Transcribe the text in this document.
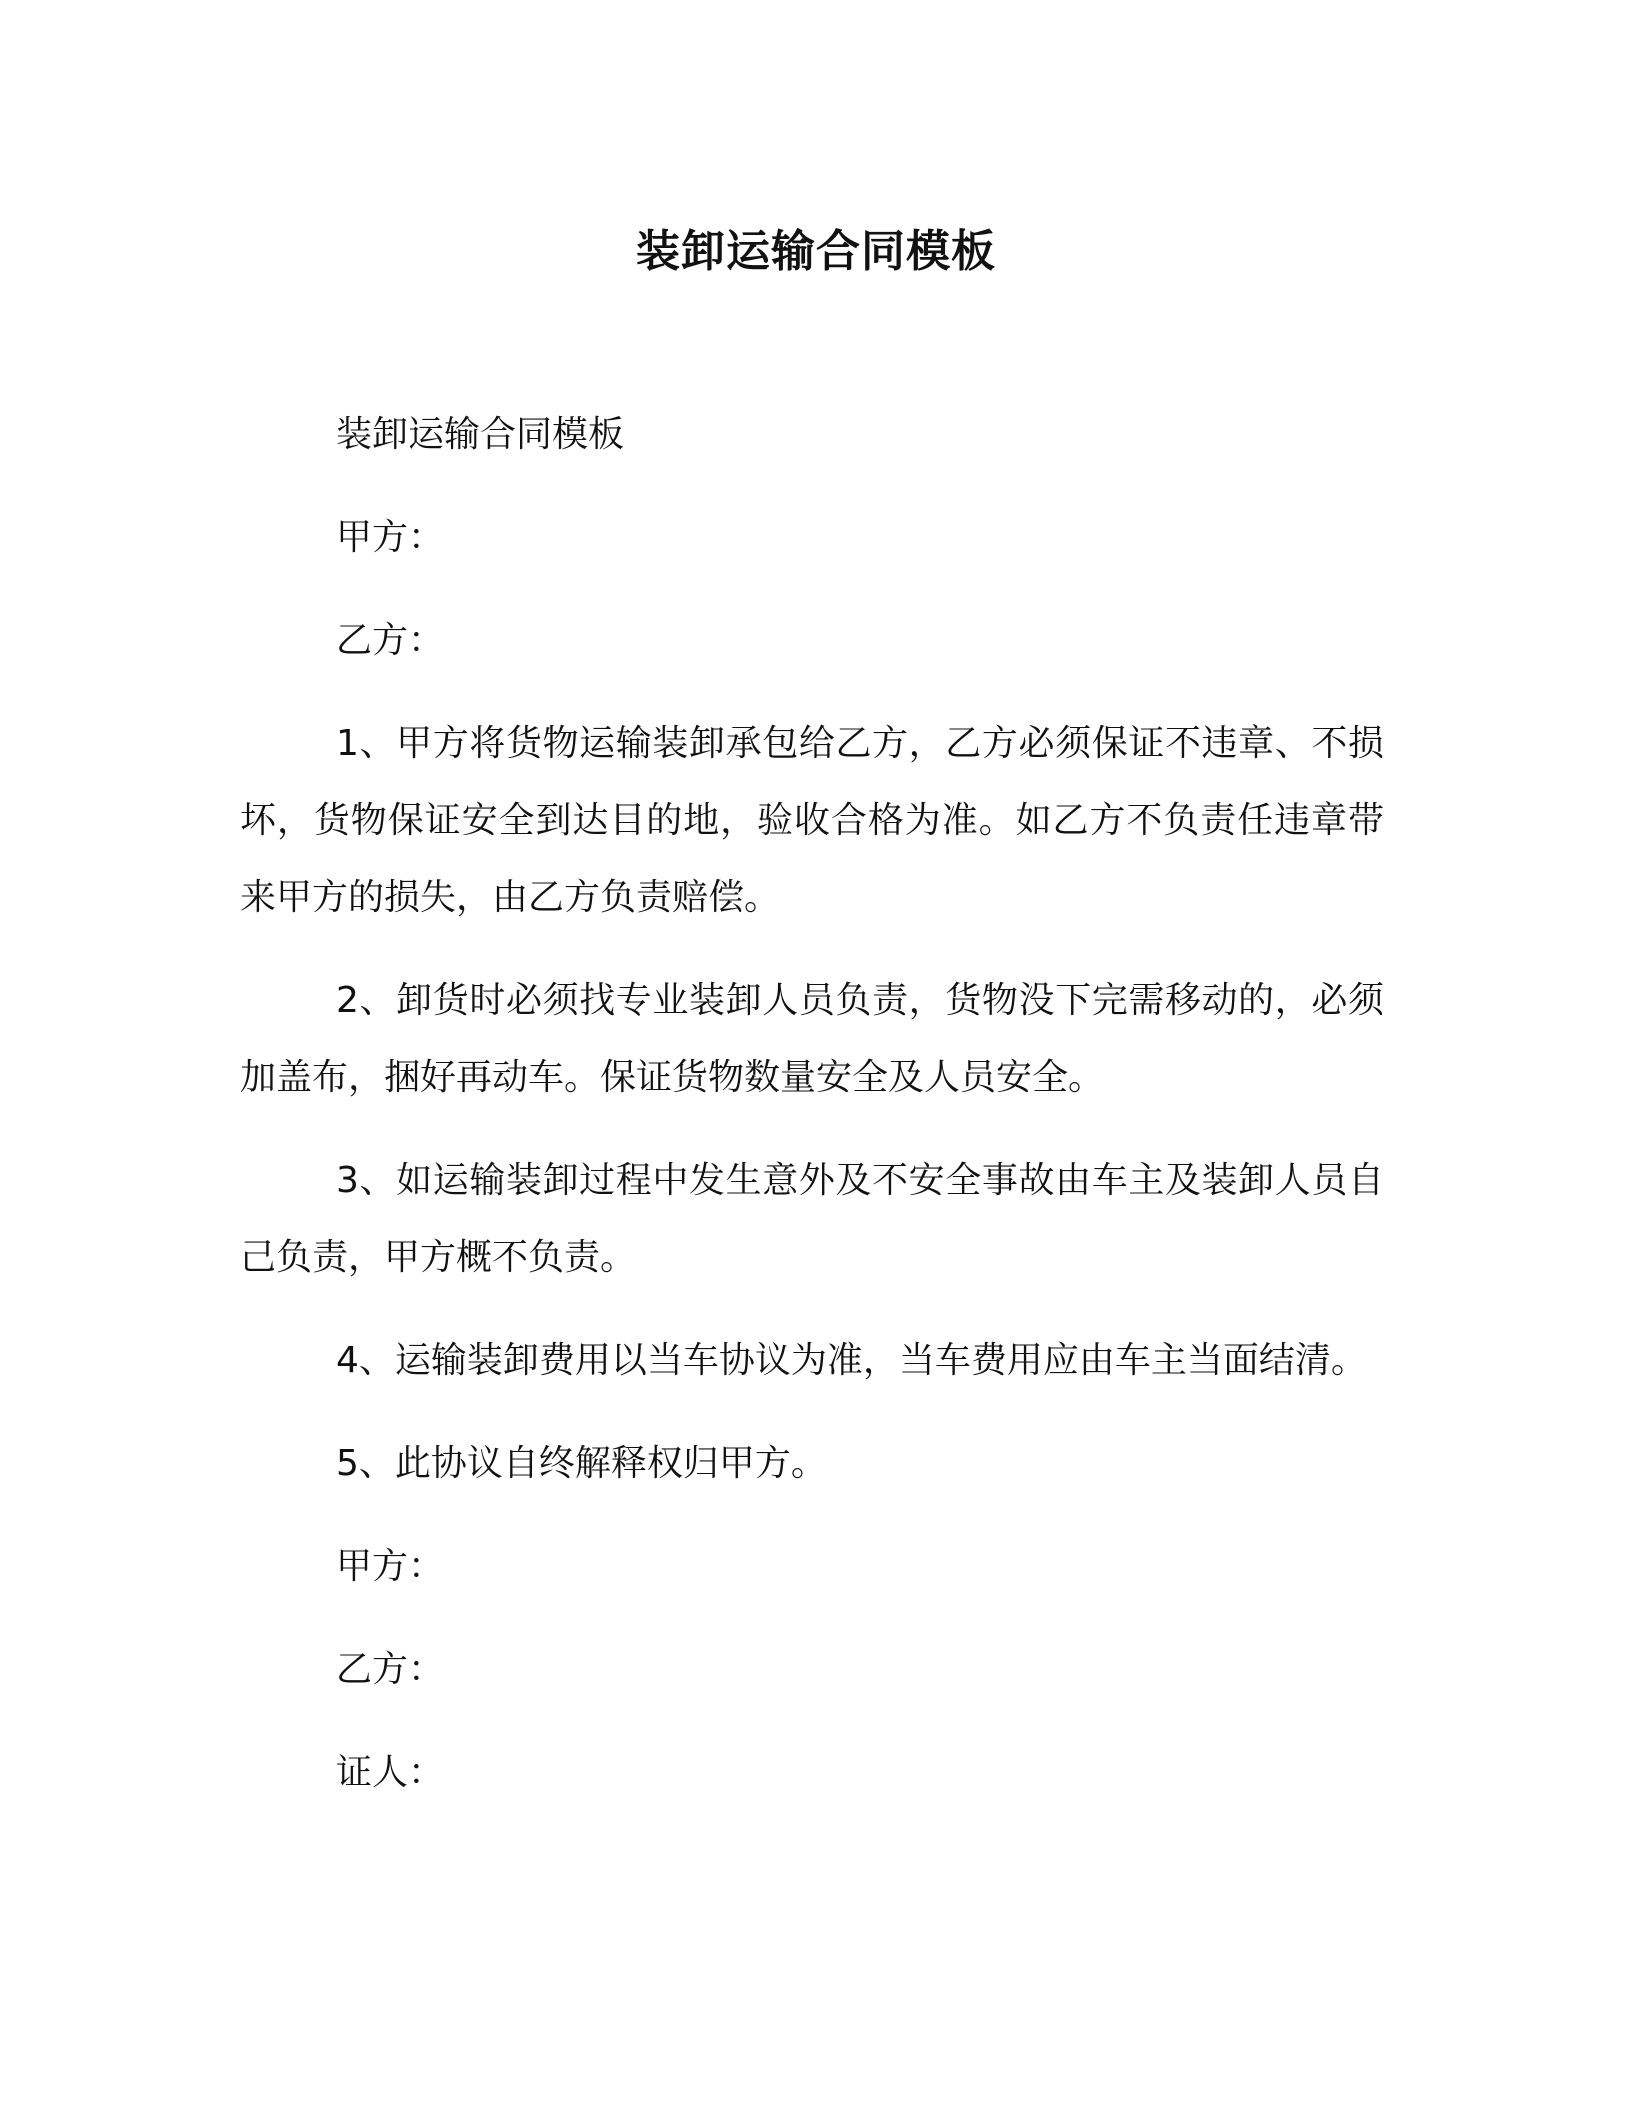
装卸运输合同模板

装卸运输合同模板

甲方：

乙方：

1、甲方将货物运输装卸承包给乙方，乙方必须保证不违章、不损坏，货物保证安全到达目的地，验收合格为准。如乙方不负责任违章带来甲方的损失，由乙方负责赔偿。

2、卸货时必须找专业装卸人员负责，货物没下完需移动的，必须加盖布，捆好再动车。保证货物数量安全及人员安全。

3、如运输装卸过程中发生意外及不安全事故由车主及装卸人员自己负责，甲方概不负责。

4、运输装卸费用以当车协议为准，当车费用应由车主当面结清。

5、此协议自终解释权归甲方。

甲方：

乙方：

证人：
